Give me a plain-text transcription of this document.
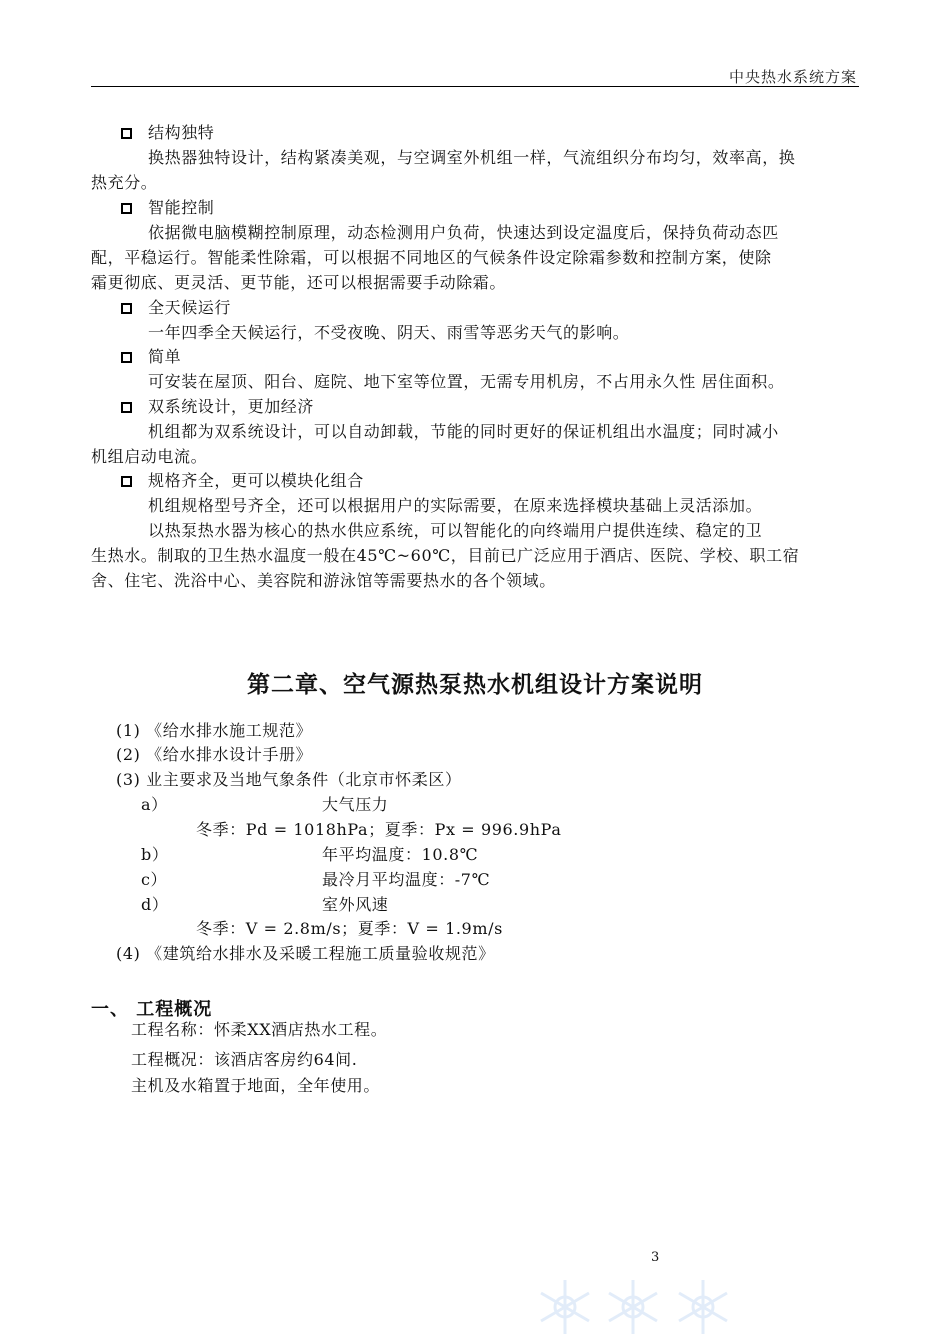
中央热水系统方案
结构独特
换热器独特设计，结构紧凑美观，与空调室外机组一样，气流组织分布均匀，效率高，换
热充分。
智能控制
依据微电脑模糊控制原理，动态检测用户负荷，快速达到设定温度后，保持负荷动态匹
配，平稳运行。智能柔性除霜，可以根据不同地区的气候条件设定除霜参数和控制方案，使除
霜更彻底、更灵活、更节能，还可以根据需要手动除霜。
全天候运行
一年四季全天候运行，不受夜晚、阴天、雨雪等恶劣天气的影响。
简单
可安装在屋顶、阳台、庭院、地下室等位置，无需专用机房，不占用永久性 居住面积。
双系统设计，更加经济
机组都为双系统设计，可以自动卸载，节能的同时更好的保证机组出水温度；同时减小
机组启动电流。
规格齐全，更可以模块化组合
机组规格型号齐全，还可以根据用户的实际需要，在原来选择模块基础上灵活添加。
以热泵热水器为核心的热水供应系统，可以智能化的向终端用户提供连续、稳定的卫
生热水。制取的卫生热水温度一般在45℃~60℃，目前已广泛应用于酒店、医院、学校、职工宿
舍、住宅、洗浴中心、美容院和游泳馆等需要热水的各个领域。
第二章、空气源热泵热水机组设计方案说明
(1) 《给水排水施工规范》
(2) 《给水排水设计手册》
(3) 业主要求及当地气象条件（北京市怀柔区）
a）	大气压力
冬季：Pd = 1018hPa；夏季：Px = 996.9hPa
b）	年平均温度：10.8℃
c）	最冷月平均温度：-7℃
d）	室外风速
冬季：V = 2.8m/s；夏季：V = 1.9m/s
(4) 《建筑给水排水及采暖工程施工质量验收规范》
一、 工程概况
工程名称：怀柔XX酒店热水工程。
工程概况：该酒店客房约64间.
主机及水箱置于地面，全年使用。
3
